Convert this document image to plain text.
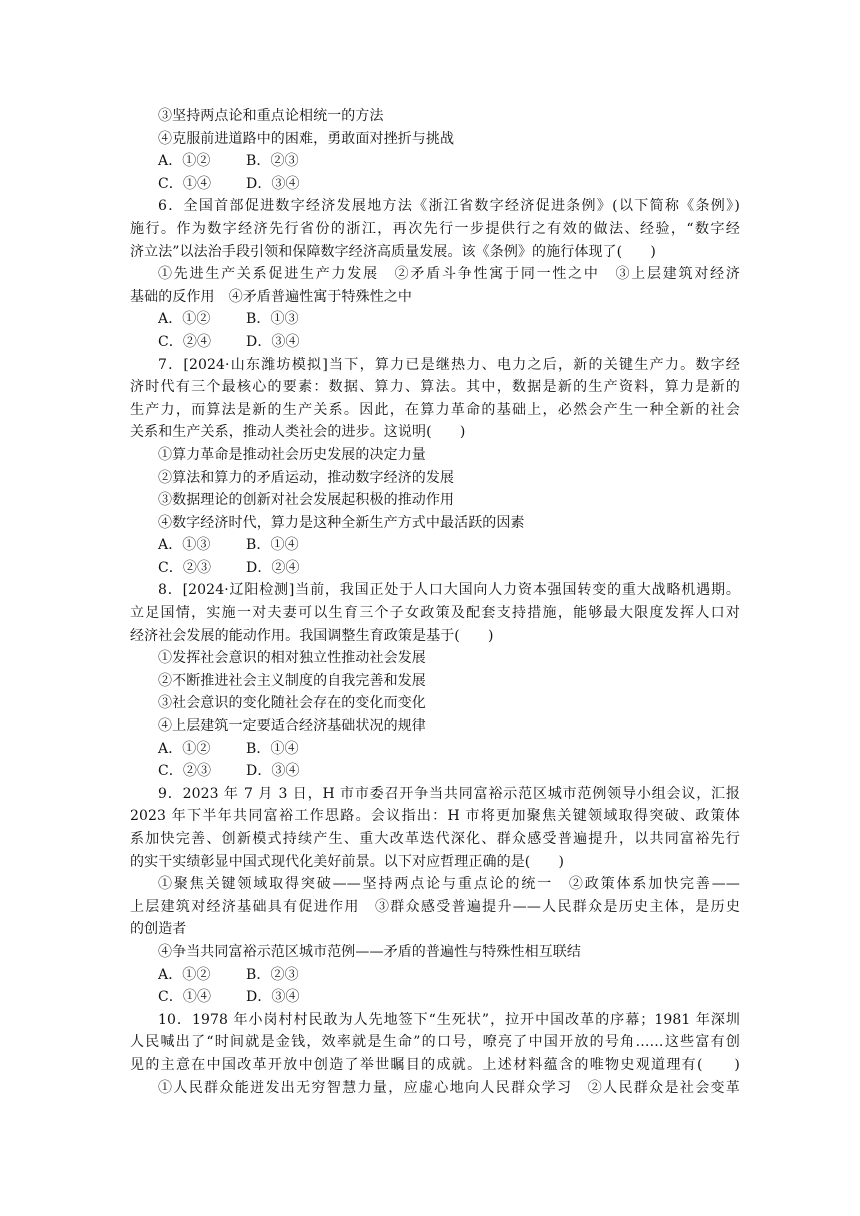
③坚持两点论和重点论相统一的方法
④克服前进道路中的困难，勇敢面对挫折与挑战
A．①②	B．②③
C．①④	D．③④
6．全国首部促进数字经济发展地方法《浙江省数字经济促进条例》(以下简称《条例》)
施行。作为数字经济先行省份的浙江，再次先行一步提供行之有效的做法、经验，“数字经
济立法”以法治手段引领和保障数字经济高质量发展。该《条例》的施行体现了(　　)
①先进生产关系促进生产力发展　②矛盾斗争性寓于同一性之中　③上层建筑对经济
基础的反作用　④矛盾普遍性寓于特殊性之中
A．①②	B．①③
C．②④	D．③④
7．[2024·山东潍坊模拟]当下，算力已是继热力、电力之后，新的关键生产力。数字经
济时代有三个最核心的要素：数据、算力、算法。其中，数据是新的生产资料，算力是新的
生产力，而算法是新的生产关系。因此，在算力革命的基础上，必然会产生一种全新的社会
关系和生产关系，推动人类社会的进步。这说明(　　)
①算力革命是推动社会历史发展的决定力量
②算法和算力的矛盾运动，推动数字经济的发展
③数据理论的创新对社会发展起积极的推动作用
④数字经济时代，算力是这种全新生产方式中最活跃的因素
A．①③	B．①④
C．②③	D．②④
8．[2024·辽阳检测]当前，我国正处于人口大国向人力资本强国转变的重大战略机遇期。
立足国情，实施一对夫妻可以生育三个子女政策及配套支持措施，能够最大限度发挥人口对
经济社会发展的能动作用。我国调整生育政策是基于(　　)
①发挥社会意识的相对独立性推动社会发展
②不断推进社会主义制度的自我完善和发展
③社会意识的变化随社会存在的变化而变化
④上层建筑一定要适合经济基础状况的规律
A．①②	B．①④
C．②③	D．③④
9．2023 年 7 月 3 日，H 市市委召开争当共同富裕示范区城市范例领导小组会议，汇报
2023 年下半年共同富裕工作思路。会议指出：H 市将更加聚焦关键领域取得突破、政策体
系加快完善、创新模式持续产生、重大改革迭代深化、群众感受普遍提升，以共同富裕先行
的实干实绩彰显中国式现代化美好前景。以下对应哲理正确的是(　　)
①聚焦关键领域取得突破——坚持两点论与重点论的统一　②政策体系加快完善——
上层建筑对经济基础具有促进作用　③群众感受普遍提升——人民群众是历史主体，是历史
的创造者
④争当共同富裕示范区城市范例——矛盾的普遍性与特殊性相互联结
A．①②	B．②③
C．①④	D．③④
10．1978 年小岗村村民敢为人先地签下“生死状”，拉开中国改革的序幕；1981 年深圳
人民喊出了“时间就是金钱，效率就是生命”的口号，嘹亮了中国开放的号角……这些富有创
见的主意在中国改革开放中创造了举世瞩目的成就。上述材料蕴含的唯物史观道理有(　　)
①人民群众能迸发出无穷智慧力量，应虚心地向人民群众学习　②人民群众是社会变革
